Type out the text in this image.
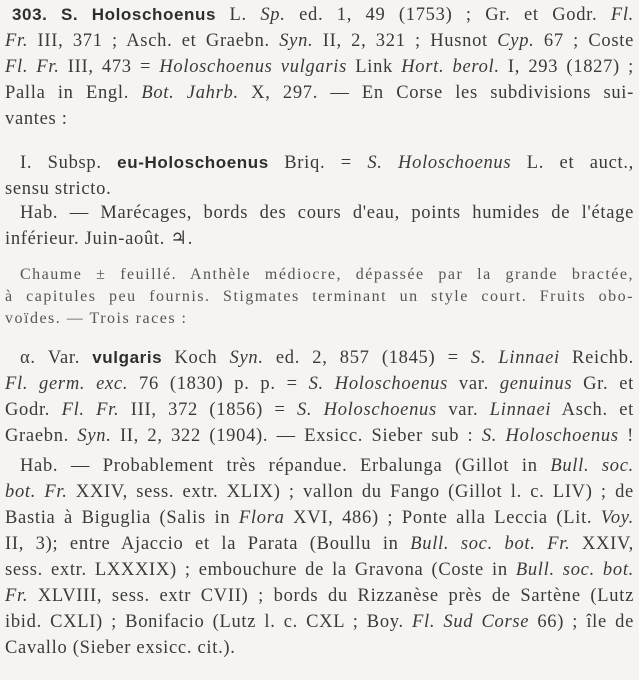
303. S. Holoschoenus L. Sp. ed. 1, 49 (1753) ; Gr. et Godr. Fl.
Fr. III, 371 ; Asch. et Graebn. Syn. II, 2, 321 ; Husnot Cyp. 67 ; Coste
Fl. Fr. III, 473 = Holoschoenus vulgaris Link Hort. berol. I, 293 (1827) ;
Palla in Engl. Bot. Jahrb. X, 297. — En Corse les subdivisions sui-
vantes :
I. Subsp. eu-Holoschoenus Briq. = S. Holoschoenus L. et auct.,
sensu stricto.
Hab. — Marécages, bords des cours d'eau, points humides de l'étage
inférieur. Juin-août. ♃.
Chaume ± feuillé. Anthèle médiocre, dépassée par la grande bractée,
à capitules peu fournis. Stigmates terminant un style court. Fruits obo-
voïdes. — Trois races :
α. Var. vulgaris Koch Syn. ed. 2, 857 (1845) = S. Linnaei Reichb.
Fl. germ. exc. 76 (1830) p. p. = S. Holoschoenus var. genuinus Gr. et
Godr. Fl. Fr. III, 372 (1856) = S. Holoschoenus var. Linnaei Asch. et
Graebn. Syn. II, 2, 322 (1904). — Exsicc. Sieber sub : S. Holoschoenus !
Hab. — Probablement très répandue. Erbalunga (Gillot in Bull. soc.
bot. Fr. XXIV, sess. extr. XLIX) ; vallon du Fango (Gillot l. c. LIV) ; de
Bastia à Biguglia (Salis in Flora XVI, 486) ; Ponte alla Leccia (Lit. Voy.
II, 3); entre Ajaccio et la Parata (Boullu in Bull. soc. bot. Fr. XXIV,
sess. extr. LXXXIX) ; embouchure de la Gravona (Coste in Bull. soc. bot.
Fr. XLVIII, sess. extr CVII) ; bords du Rizzanèse près de Sartène (Lutz
ibid. CXLI) ; Bonifacio (Lutz l. c. CXL ; Boy. Fl. Sud Corse 66) ; île de
Cavallo (Sieber exsicc. cit.).
